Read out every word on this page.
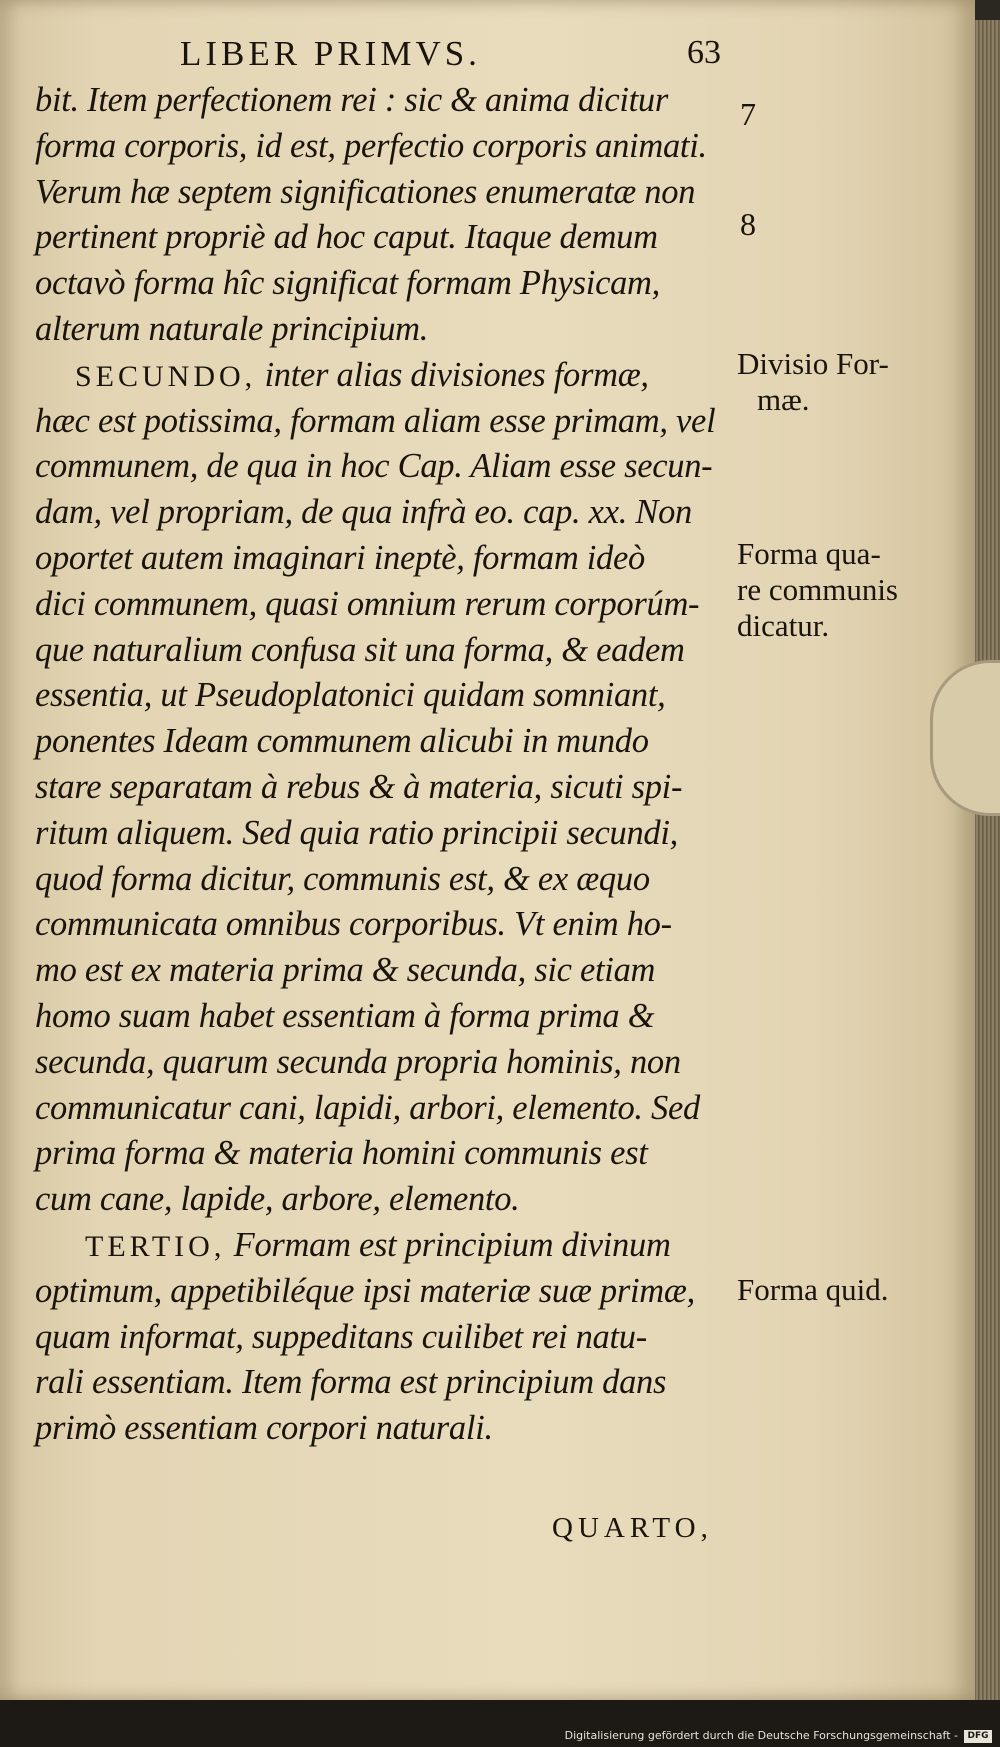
LIBER PRIMVS.	63
bit. Item perfectionem rei : sic & anima dicitur
forma corporis, id est, perfectio corporis animati.
Verum hæ septem significationes enumeratæ non
pertinent propriè ad hoc caput. Itaque demum
octavò forma hîc significat formam Physicam,
alterum naturale principium.
SECUNDO, inter alias divisiones formæ,
hæc est potissima, formam aliam esse primam, vel
communem, de qua in hoc Cap. Aliam esse secun-
dam, vel propriam, de qua infrà eo. cap. xx. Non
oportet autem imaginari ineptè, formam ideò
dici communem, quasi omnium rerum corporúm-
que naturalium confusa sit una forma, & eadem
essentia, ut Pseudoplatonici quidam somniant,
ponentes Ideam communem alicubi in mundo
stare separatam à rebus & à materia, sicuti spi-
ritum aliquem. Sed quia ratio principii secundi,
quod forma dicitur, communis est, & ex æquo
communicata omnibus corporibus. Vt enim ho-
mo est ex materia prima & secunda, sic etiam
homo suam habet essentiam à forma prima &
secunda, quarum secunda propria hominis, non
communicatur cani, lapidi, arbori, elemento. Sed
prima forma & materia homini communis est
cum cane, lapide, arbore, elemento.
TERTIO, Formam est principium divinum
optimum, appetibiléque ipsi materiæ suæ primæ,
quam informat, suppeditans cuilibet rei natu-
rali essentiam. Item forma est principium dans
primò essentiam corpori naturali.
7
8
Divisio For-
mæ.
Forma qua-
re communis
dicatur.
Forma quid.
QUARTO,
Digitalisierung gefördert durch die Deutsche Forschungsgemeinschaft -	DFG
